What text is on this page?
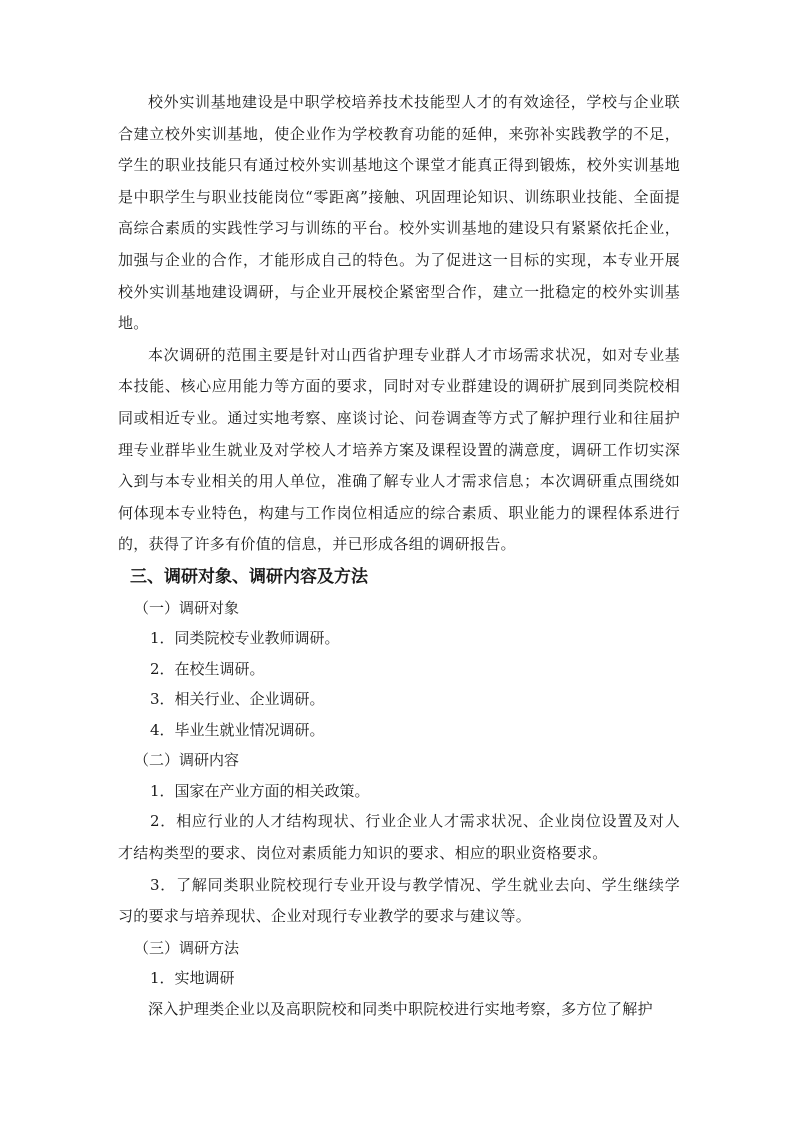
校外实训基地建设是中职学校培养技术技能型人才的有效途径，学校与企业联合建立校外实训基地，使企业作为学校教育功能的延伸，来弥补实践教学的不足，学生的职业技能只有通过校外实训基地这个课堂才能真正得到锻炼，校外实训基地是中职学生与职业技能岗位“零距离”接触、巩固理论知识、训练职业技能、全面提高综合素质的实践性学习与训练的平台。校外实训基地的建设只有紧紧依托企业，加强与企业的合作，才能形成自己的特色。为了促进这一目标的实现，本专业开展校外实训基地建设调研，与企业开展校企紧密型合作，建立一批稳定的校外实训基地。

本次调研的范围主要是针对山西省护理专业群人才市场需求状况，如对专业基本技能、核心应用能力等方面的要求，同时对专业群建设的调研扩展到同类院校相同或相近专业。通过实地考察、座谈讨论、问卷调查等方式了解护理行业和往届护理专业群毕业生就业及对学校人才培养方案及课程设置的满意度，调研工作切实深入到与本专业相关的用人单位，准确了解专业人才需求信息；本次调研重点围绕如何体现本专业特色，构建与工作岗位相适应的综合素质、职业能力的课程体系进行的，获得了许多有价值的信息，并已形成各组的调研报告。

三、调研对象、调研内容及方法

（一）调研对象

1．同类院校专业教师调研。

2．在校生调研。

3．相关行业、企业调研。

4．毕业生就业情况调研。

（二）调研内容

1．国家在产业方面的相关政策。

2．相应行业的人才结构现状、行业企业人才需求状况、企业岗位设置及对人才结构类型的要求、岗位对素质能力知识的要求、相应的职业资格要求。

3．了解同类职业院校现行专业开设与教学情况、学生就业去向、学生继续学习的要求与培养现状、企业对现行专业教学的要求与建议等。

（三）调研方法

1．实地调研

深入护理类企业以及高职院校和同类中职院校进行实地考察，多方位了解护
